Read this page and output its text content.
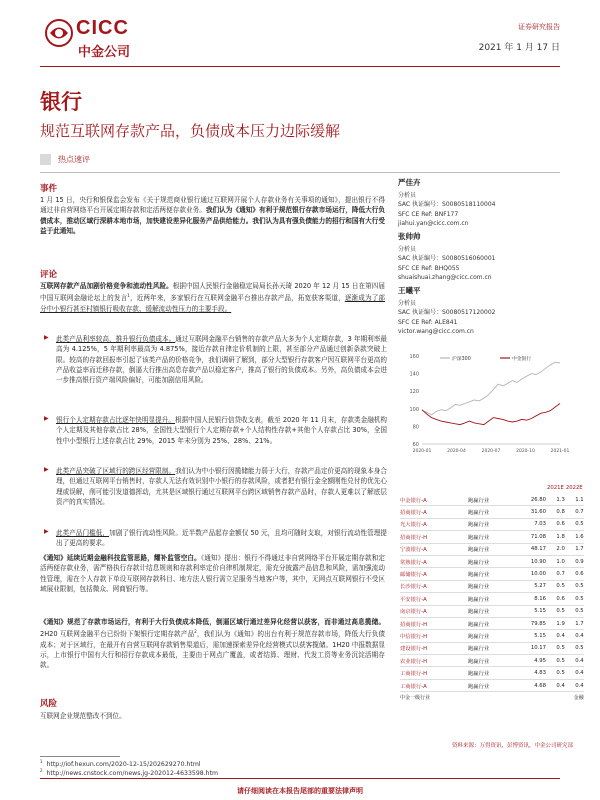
CICC
中金公司
证券研究报告
2021 年 1 月 17 日
银行
规范互联网存款产品，负债成本压力边际缓解
热点速评
事件
1 月 15 日，央行和银保监会发布《关于规范商业银行通过互联网开展个人存款业务有关事项的通知》，提出银行不得通过非自营网络平台开展定期存款和定活两便存款业务。我们认为《通知》有利于规范银行存款市场运行，降低大行负债成本，推动区域行深耕本地市场，加快建设差异化服务产品供给能力。我们认为具有强负债能力的招行和国有大行受益于此通知。
评论
互联网存款产品加剧价格竞争和流动性风险。根据中国人民银行金融稳定局局长孙天琦 2020 年 12 月 15 日在第四届中国互联网金融论坛上的发言$^1$，近两年来，多家银行在互联网金融平台推出存款产品，拓宽获客渠道，逐渐成为了部分中小银行甚至村镇银行吸收存款、缓解流动性压力的主要手段。
▶ 此类产品利率较高，推升银行负债成本。通过互联网金融平台销售的存款产品大多为个人定期存款，3 年期利率最高为 4.125%，5 年期利率最高为 4.875%，接近存款自律定价机制的上限，甚至部分产品通过创新条款突破上限。较高的存款回报率引起了该类产品的价格竞争，我们调研了解到，部分大型银行存款客户因互联网平台更高的产品收益率而迁移存款，倒逼大行推出高息存款产品以稳定客户，推高了银行的负债成本。另外，高负债成本会进一步推高银行资产端风险偏好，可能加剧信用风险。
▶ 银行个人定期存款占比逐年快明显提升。根据中国人民银行信贷收支表，截至 2020 年 11 月末，存款类金融机构个人定期及其他存款占比 28%，全国性大型银行个人定期存款+个人结构性存款+其他个人存款占比 30%，全国性中小型银行上述存款占比 29%，2015 年末分别为 25%、28%、21%。
▶ 此类产品突破了区域行的跨区经营限制。我们认为中小银行因揽储能力弱于大行，存款产品定价更高的现象本身合理，但通过互联网平台销售时，存款人无法有效识别中小银行的存款风险，或者把有银行金全额刚性兑付的优先心理或误解，削可能引发道德挥动，尤其是区域银行通过互联网平台跨区域销售存款产品时，存款人更难以了解底层资产的真实情况。
▶ 此类产品门槛低，加剧了银行流动性风险。近半数产品起存金额仅 50 元，且均可随时支取，对银行流动性管理提出了更高的要求。
《通知》延续近期金融科技监管思路，耀补监管空白。《通知》提出：银行不得通过非自营网络平台开展定期存款和定活两便存款业务，需严格执行存款计结息规则和存款利率定价自律机制规定，需充分披露产品信息和风险，需加强流动性管理，需在个人存款下单设互联网存款科目、地方法人银行需立足服务当地客户等，其中，无网点互联网银行不受区域展业限制，包括微众、网商银行等。
《通知》规范了存款市场运行，有利于大行负债成本降低，倒逼区域行通过差异化经营以获客，而非通过高息揽储。2H20 互联网金融平台已纷纷下架银行定期存款产品$^2$，我们认为《通知》的出台有利于规范存款市场，降低大行负债成本；对于区域行，在最开有自营互联网存款销售渠道后，需加速探索差异化经营模式以获客揽储。1H20 中报数据显示，上市银行中国有大行和招行存款成本最低，主要由于网点广覆盖，或者结算、理财、代发工资等业务沉淀活期存款。
风险
互联网企业规范整改不到位。
$^1$ http://iof.hexun.com/2020-12-15/202629270.html
$^2$ http://news.cnstock.com/news,jg-202012-4633598.htm
请仔细阅读在本报告尾部的重要法律声明
严佳卉
分析员
SAC 执证编号：S0080518110004
SFC CE Ref: BNF177
jiahui.yan@cicc.com.cn
张帅帅
分析员
SAC 执证编号：S0080516060001
SFC CE Ref: BHQ055
shuaishuai.zhang@cicc.com.cn
王曦平
分析员
SAC 执证编号：S0080517120002
SFC CE Ref: ALE841
victor.wang@cicc.com.cn
160
140
120
100
80
60
2020-01	2020-04	2020-07	2020-10	2021-01
沪深300	中金银行
			2021E	2022E
中金银行-A	跑赢行业	26.80	1.3	1.1
招商银行-A	跑赢行业	31.60	0.8	0.7
光大银行-A	跑赢行业	7.03	0.6	0.5
招商银行-H	跑赢行业	71.08	1.8	1.6
宁波银行-A	跑赢行业	48.17	2.0	1.7
常熟银行-A	跑赢行业	10.90	1.0	0.9
邮储银行-A	跑赢行业	10.00	0.7	0.6
长沙银行-A	跑赢行业	5.27	0.5	0.5
平安银行-A	跑赢行业	8.16	0.6	0.5
南京银行-A	跑赢行业	5.15	0.5	0.5
招商银行-H	跑赢行业	79.85	1.9	1.7
中信银行-H	跑赢行业	5.15	0.4	0.4
建设银行-H	跑赢行业	10.17	0.5	0.5
农业银行-H	跑赢行业	4.95	0.5	0.4
工商银行-H	跑赢行业	4.83	0.5	0.4
工商银行-A	跑赢行业	4.68	0.4	0.4
中金一级行业			金融	
资料来源：万得资讯，彭博资讯，中金公司研究部
